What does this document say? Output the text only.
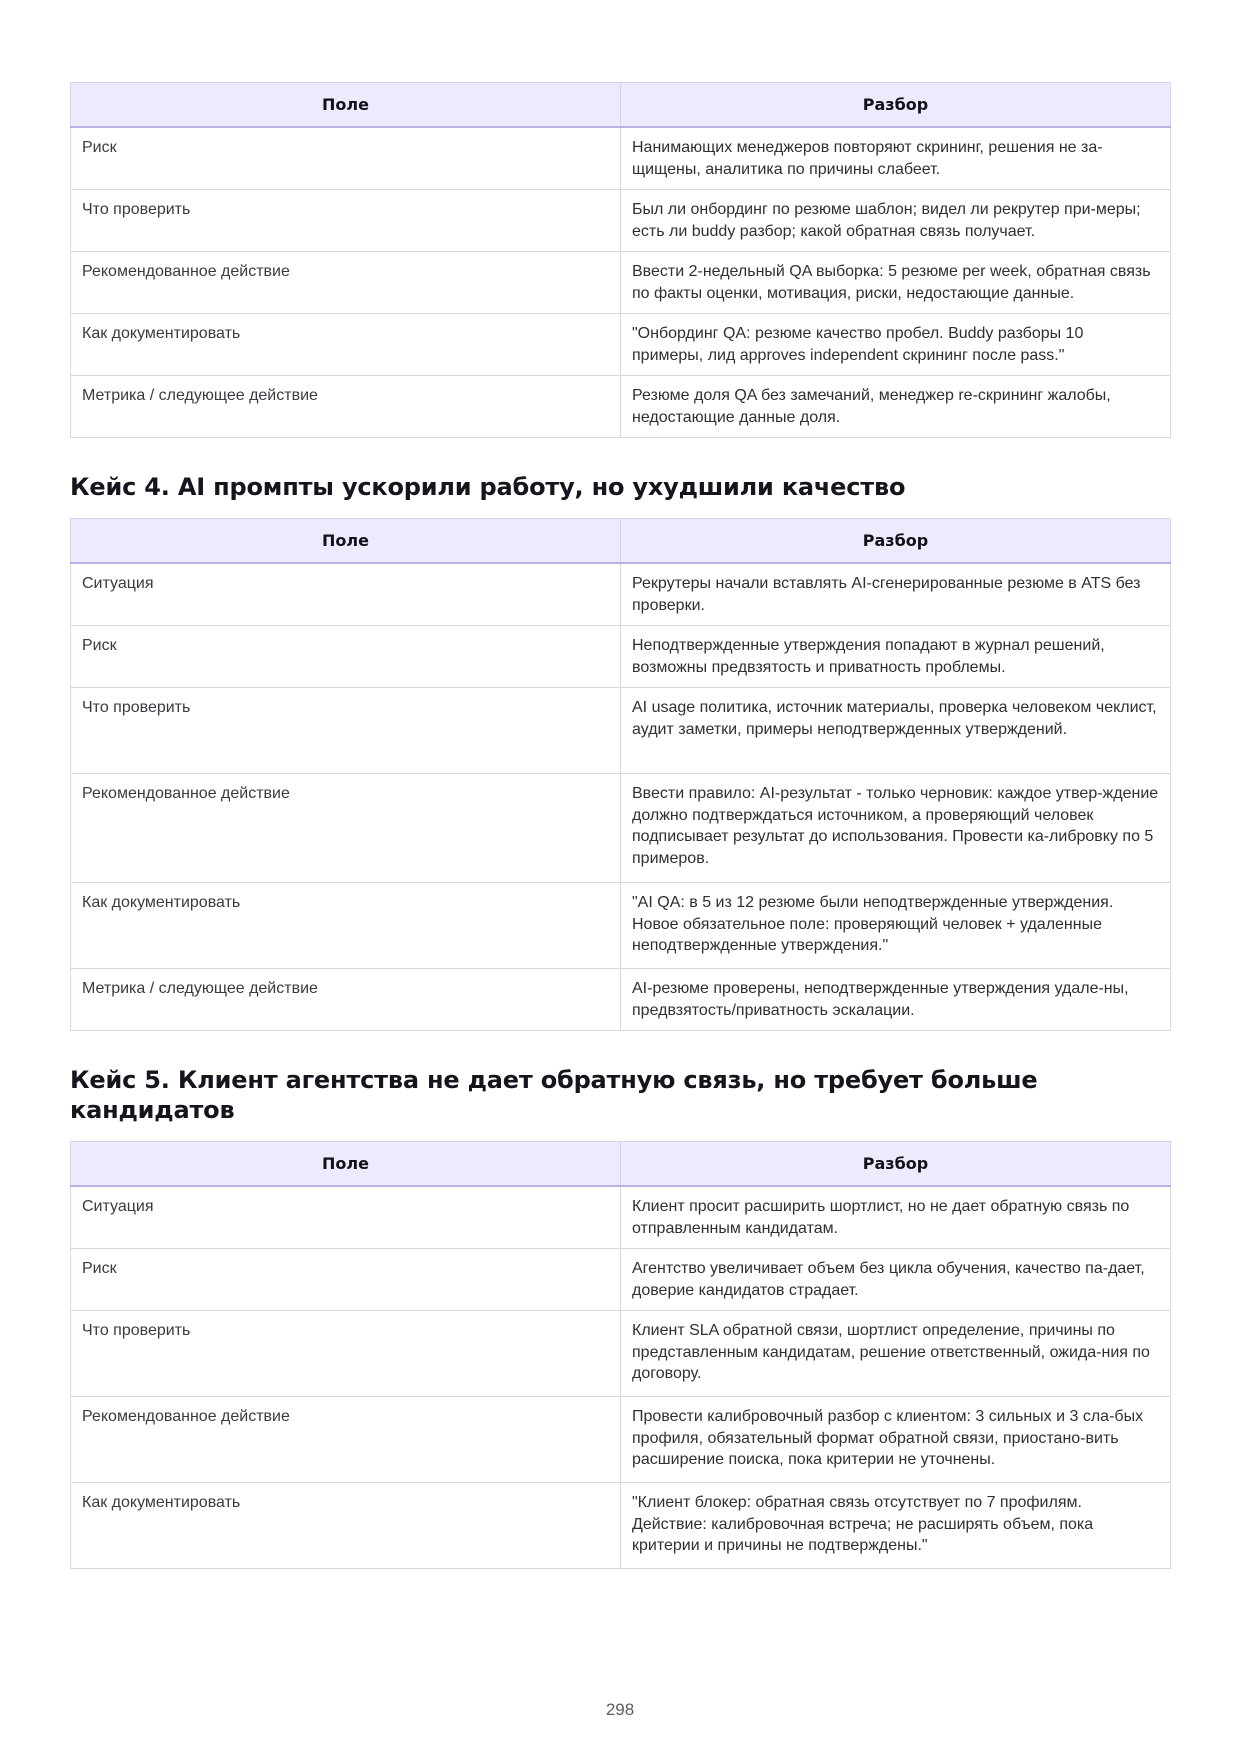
Поле	Разбор
Риск	Нанимающих менеджеров повторяют скрининг, решения не за-щищены, аналитика по причины слабеет.
Что проверить	Был ли онбординг по резюме шаблон; видел ли рекрутер при-меры; есть ли buddy разбор; какой обратная связь получает.
Рекомендованное действие	Ввести 2-недельный QA выборка: 5 резюме per week, обратная связь по факты оценки, мотивация, риски, недостающие данные.
Как документировать	"Онбординг QA: резюме качество пробел. Buddy разборы 10 примеры, лид approves independent скрининг после pass."
Метрика / следующее действие	Резюме доля QA без замечаний, менеджер re-скрининг жалобы, недостающие данные доля.
Кейс 4. AI промпты ускорили работу, но ухудшили качество
Поле	Разбор
Ситуация	Рекрутеры начали вставлять AI-сгенерированные резюме в ATS без проверки.
Риск	Неподтвержденные утверждения попадают в журнал решений, возможны предвзятость и приватность проблемы.
Что проверить	AI usage политика, источник материалы, проверка человеком чеклист, аудит заметки, примеры неподтвержденных утверждений.
Рекомендованное действие	Ввести правило: AI-результат - только черновик: каждое утвер-ждение должно подтверждаться источником, а проверяющий человек подписывает результат до использования. Провести ка-либровку по 5 примеров.
Как документировать	"AI QA: в 5 из 12 резюме были неподтвержденные утверждения. Новое обязательное поле: проверяющий человек + удаленные неподтвержденные утверждения."
Метрика / следующее действие	AI-резюме проверены, неподтвержденные утверждения удале-ны, предвзятость/приватность эскалации.
Кейс 5. Клиент агентства не дает обратную связь, но требует больше кандидатов
Поле	Разбор
Ситуация	Клиент просит расширить шортлист, но не дает обратную связь по отправленным кандидатам.
Риск	Агентство увеличивает объем без цикла обучения, качество па-дает, доверие кандидатов страдает.
Что проверить	Клиент SLA обратной связи, шортлист определение, причины по представленным кандидатам, решение ответственный, ожида-ния по договору.
Рекомендованное действие	Провести калибровочный разбор с клиентом: 3 сильных и 3 сла-бых профиля, обязательный формат обратной связи, приостано-вить расширение поиска, пока критерии не уточнены.
Как документировать	"Клиент блокер: обратная связь отсутствует по 7 профилям. Действие: калибровочная встреча; не расширять объем, пока критерии и причины не подтверждены."
298
